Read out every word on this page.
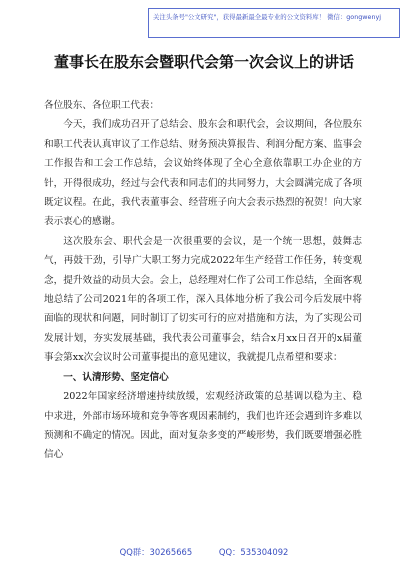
关注头条号"公文研究"，获得最新最全最专业的公文资料库！ 微信：gongwenyj
董事长在股东会暨职代会第一次会议上的讲话

各位股东、各位职工代表：

今天，我们成功召开了总结会、股东会和职代会，会议期间，各位股东和职工代表认真审议了工作总结、财务预决算报告、利润分配方案、监事会工作报告和工会工作总结，会议始终体现了全心全意依靠职工办企业的方针，开得很成功，经过与会代表和同志们的共同努力，大会圆满完成了各项既定议程。在此，我代表董事会、经营班子向大会表示热烈的祝贺！向大家表示衷心的感谢。

这次股东会、职代会是一次很重要的会议，是一个统一思想，鼓舞志气，再鼓干劲，引导广大职工努力完成2022年生产经营工作任务，转变观念，提升效益的动员大会。会上，总经理对仁作了公司工作总结，全面客观地总结了公司2021年的各项工作，深入具体地分析了我公司今后发展中将面临的现状和问题，同时制订了切实可行的应对措施和方法，为了实现公司发展计划，夯实发展基础，我代表公司董事会，结合x月xx日召开的x届董事会第xx次会议时公司董事提出的意见建议，我就提几点希望和要求：

一、认清形势、坚定信心

2022年国家经济增速持续放缓，宏观经济政策的总基调以稳为主、稳中求进，外部市场环境和竞争等客观因素制约，我们也许还会遇到许多难以预测和不确定的情况。因此，面对复杂多变的严峻形势，我们既要增强必胜信心

QQ群：30265665	QQ：535304092
